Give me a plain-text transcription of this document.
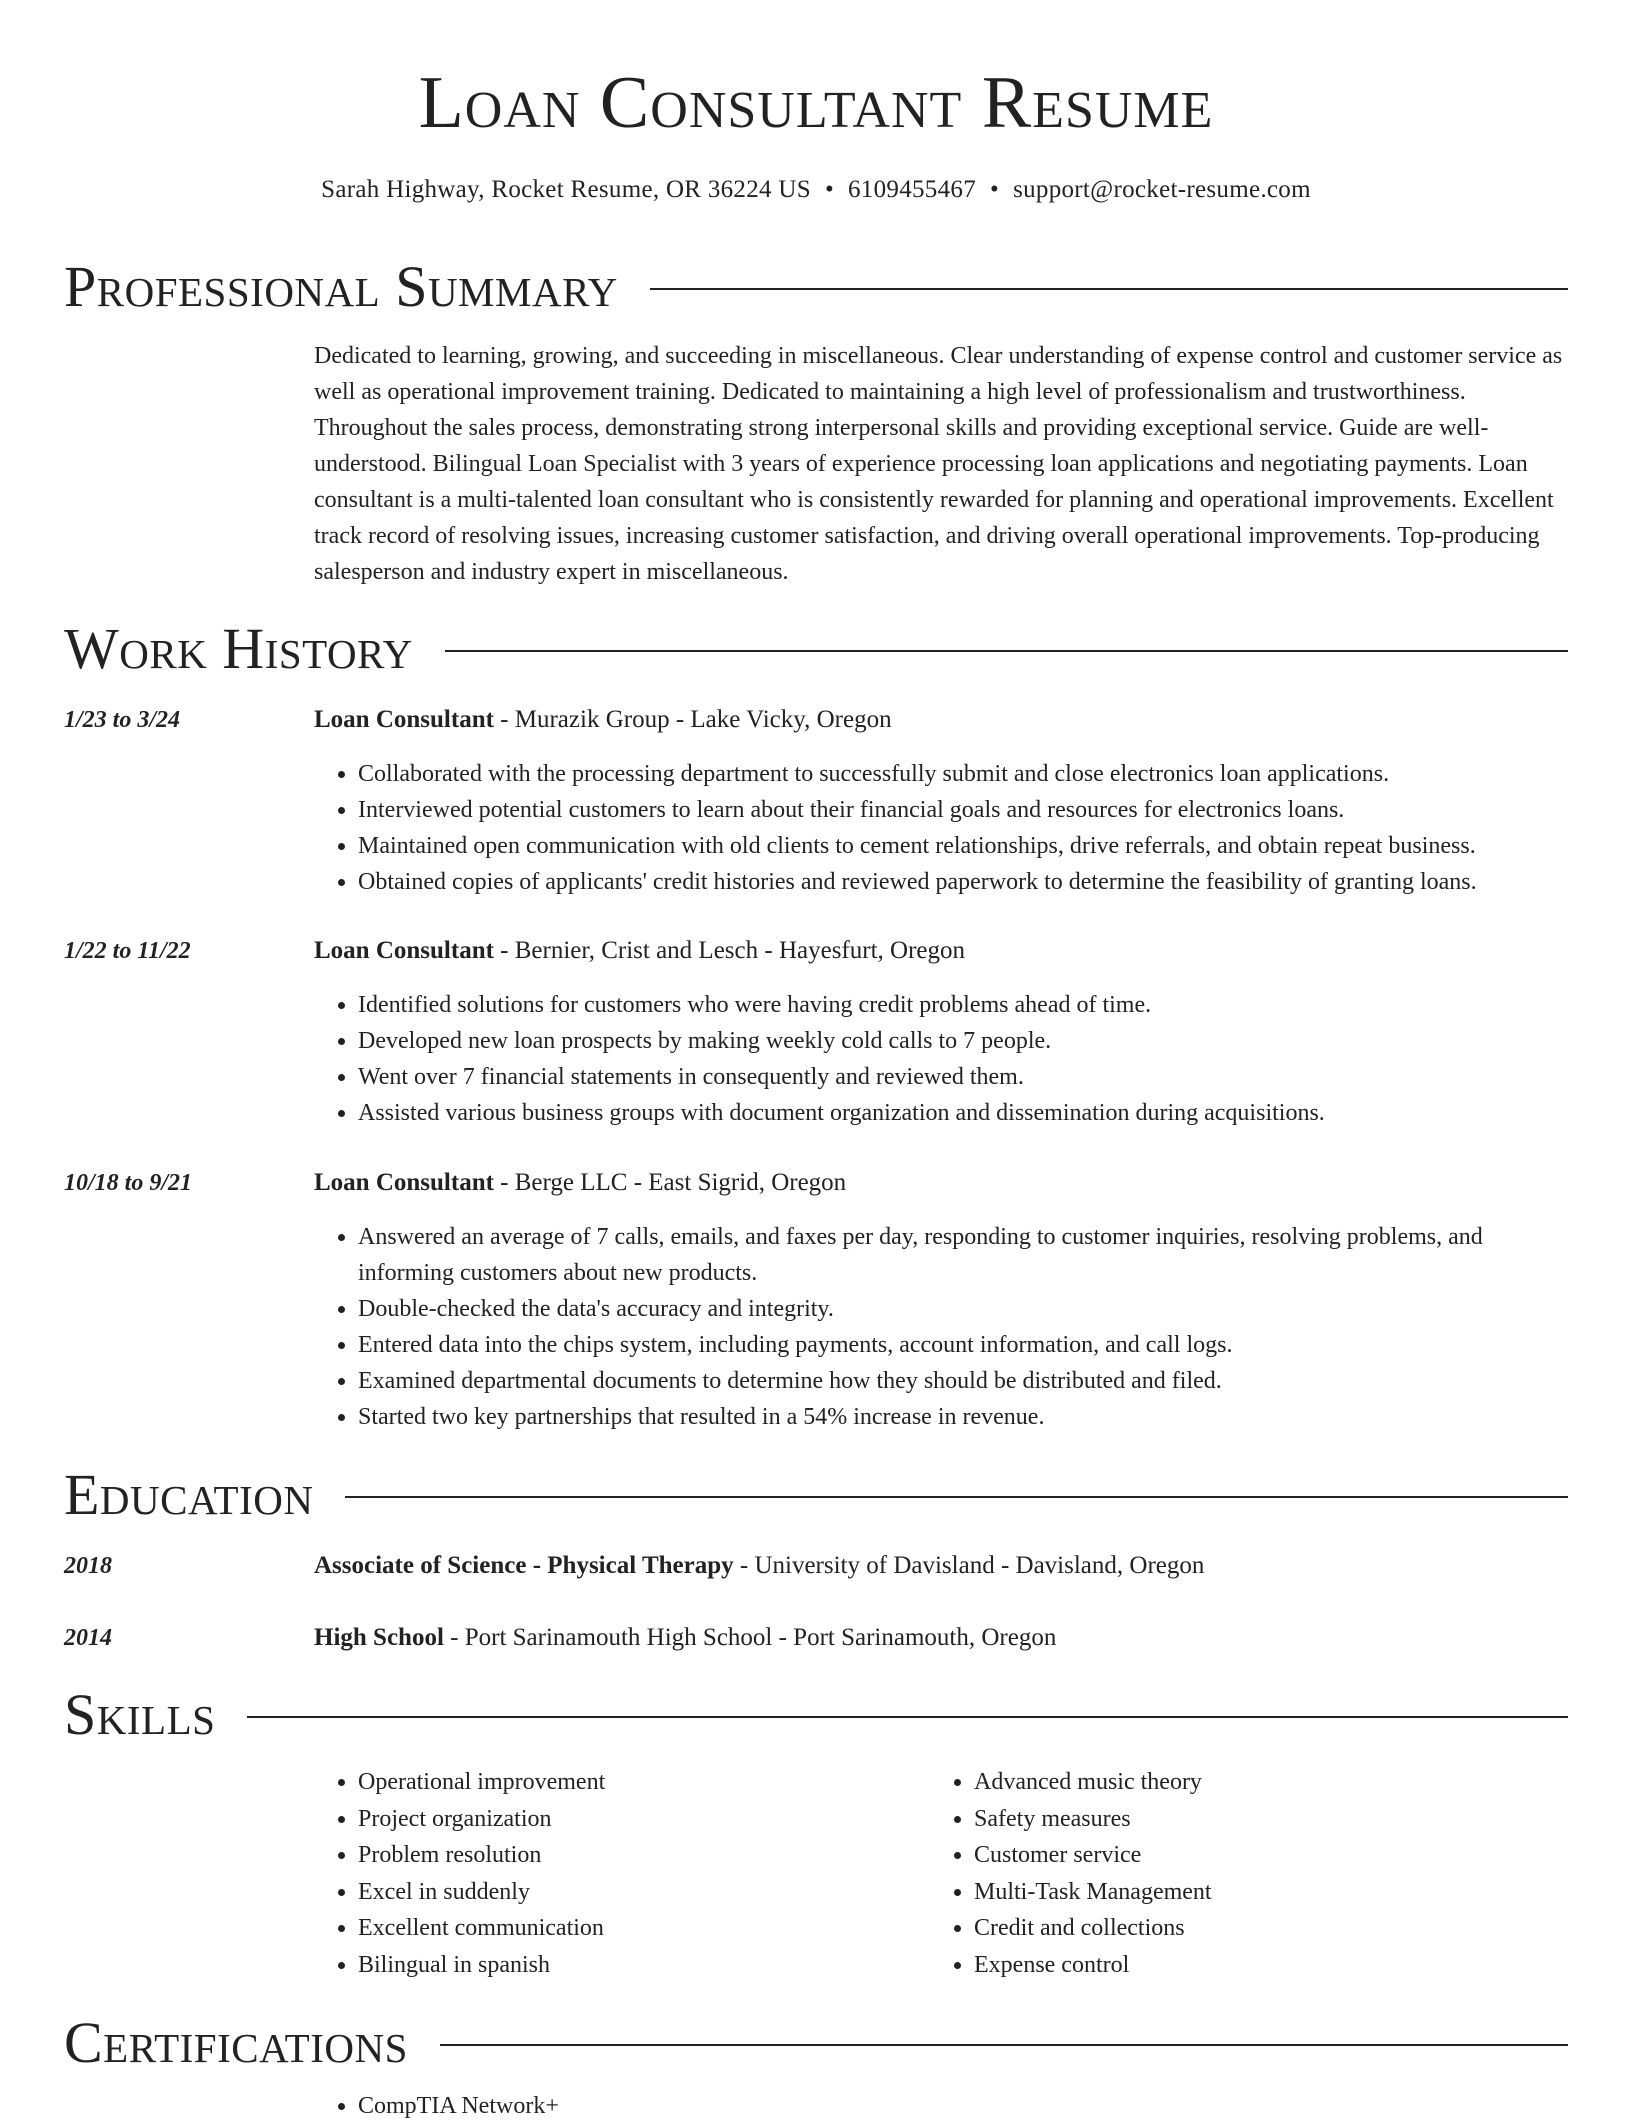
Loan Consultant Resume
Sarah Highway, Rocket Resume, OR 36224 US • 6109455467 • support@rocket-resume.com
Professional Summary

Dedicated to learning, growing, and succeeding in miscellaneous. Clear understanding of expense control and customer service as well as operational improvement training. Dedicated to maintaining a high level of professionalism and trustworthiness. Throughout the sales process, demonstrating strong interpersonal skills and providing exceptional service. Guide are well-understood. Bilingual Loan Specialist with 3 years of experience processing loan applications and negotiating payments. Loan consultant is a multi-talented loan consultant who is consistently rewarded for planning and operational improvements. Excellent track record of resolving issues, increasing customer satisfaction, and driving overall operational improvements. Top-producing salesperson and industry expert in miscellaneous.

Work History
1/23 to 3/24	Loan Consultant - Murazik Group - Lake Vicky, Oregon
• Collaborated with the processing department to successfully submit and close electronics loan applications.
• Interviewed potential customers to learn about their financial goals and resources for electronics loans.
• Maintained open communication with old clients to cement relationships, drive referrals, and obtain repeat business.
• Obtained copies of applicants' credit histories and reviewed paperwork to determine the feasibility of granting loans.
1/22 to 11/22	Loan Consultant - Bernier, Crist and Lesch - Hayesfurt, Oregon
• Identified solutions for customers who were having credit problems ahead of time.
• Developed new loan prospects by making weekly cold calls to 7 people.
• Went over 7 financial statements in consequently and reviewed them.
• Assisted various business groups with document organization and dissemination during acquisitions.
10/18 to 9/21	Loan Consultant - Berge LLC - East Sigrid, Oregon
• Answered an average of 7 calls, emails, and faxes per day, responding to customer inquiries, resolving problems, and informing customers about new products.
• Double-checked the data's accuracy and integrity.
• Entered data into the chips system, including payments, account information, and call logs.
• Examined departmental documents to determine how they should be distributed and filed.
• Started two key partnerships that resulted in a 54% increase in revenue.
Education
2018	Associate of Science - Physical Therapy - University of Davisland - Davisland, Oregon
2014	High School - Port Sarinamouth High School - Port Sarinamouth, Oregon
Skills
• Operational improvement
• Project organization
• Problem resolution
• Excel in suddenly
• Excellent communication
• Bilingual in spanish
• Advanced music theory
• Safety measures
• Customer service
• Multi-Task Management
• Credit and collections
• Expense control
Certifications
• CompTIA Network+
